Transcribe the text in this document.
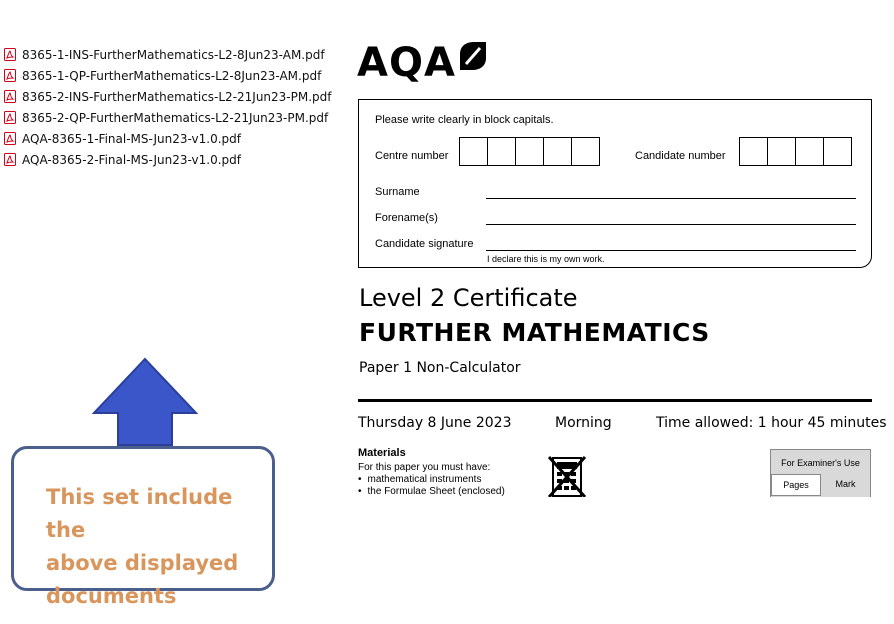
8365-1-INS-FurtherMathematics-L2-8Jun23-AM.pdf
8365-1-QP-FurtherMathematics-L2-8Jun23-AM.pdf
8365-2-INS-FurtherMathematics-L2-21Jun23-PM.pdf
8365-2-QP-FurtherMathematics-L2-21Jun23-PM.pdf
AQA-8365-1-Final-MS-Jun23-v1.0.pdf
AQA-8365-2-Final-MS-Jun23-v1.0.pdf
This set include the
above displayed
documents
AQA
Please write clearly in block capitals.
Centre number	Candidate number
Surname
Forename(s)
Candidate signature
I declare this is my own work.
Level 2 Certificate
FURTHER MATHEMATICS
Paper 1 Non-Calculator
Thursday 8 June 2023	Morning	Time allowed: 1 hour 45 minutes
Materials
For this paper you must have:
• mathematical instruments
• the Formulae Sheet (enclosed)
For Examiner's Use
Pages	Mark
